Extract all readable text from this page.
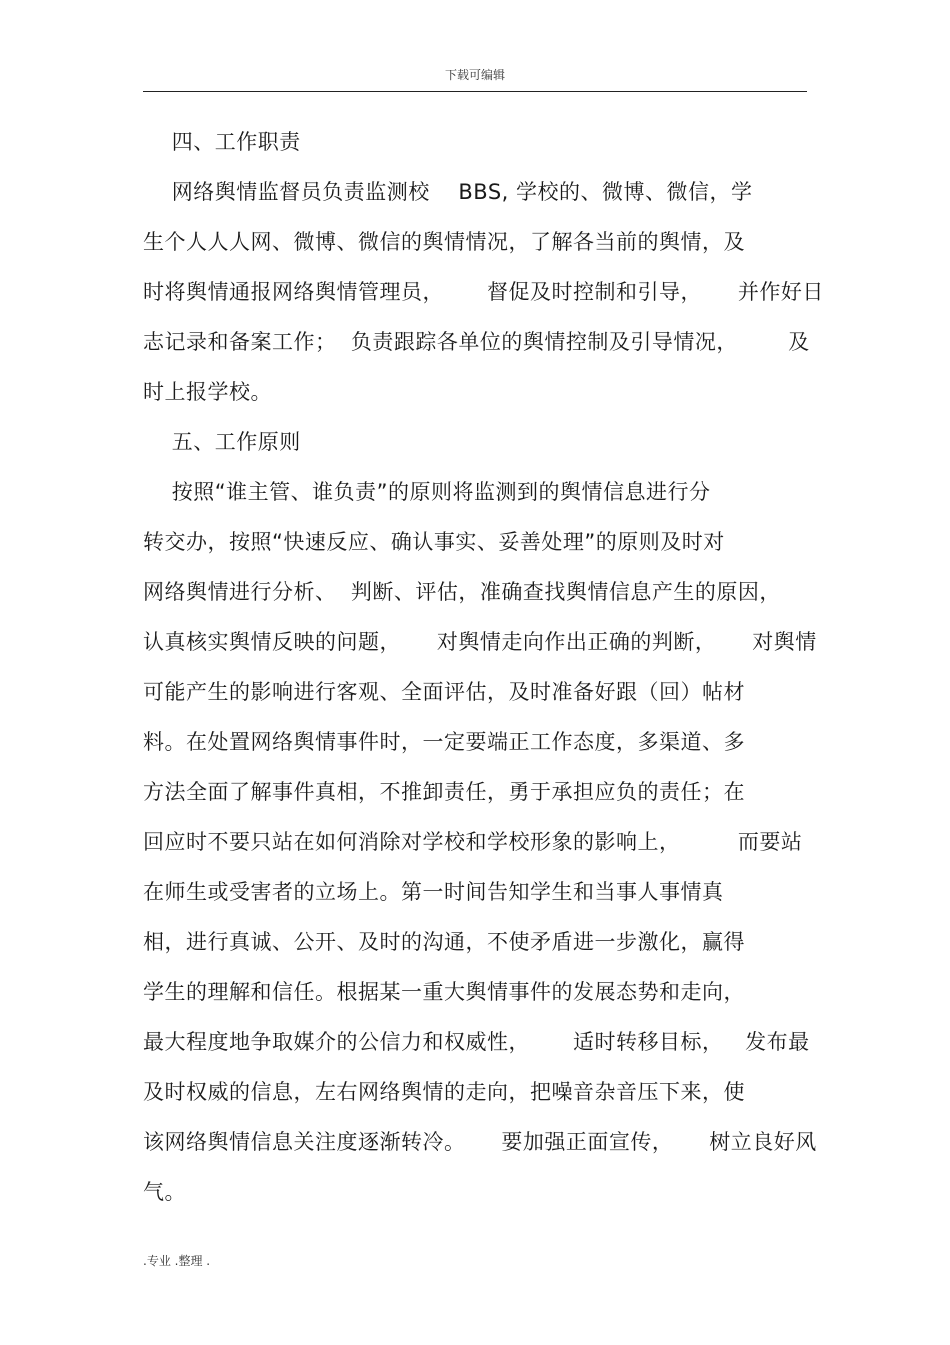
下载可编辑
四、工作职责
网络舆情监督员负责监测校    BBS, 学校的、微博、微信，学
生个人人人网、微博、微信的舆情情况，了解各当前的舆情，及
时将舆情通报网络舆情管理员，      督促及时控制和引导，     并作好日
志记录和备案工作；  负责跟踪各单位的舆情控制及引导情况，       及
时上报学校。
五、工作原则
按照“谁主管、谁负责”的原则将监测到的舆情信息进行分
转交办，按照“快速反应、确认事实、妥善处理”的原则及时对
网络舆情进行分析、  判断、评估，准确查找舆情信息产生的原因，
认真核实舆情反映的问题，     对舆情走向作出正确的判断，     对舆情
可能产生的影响进行客观、全面评估，及时准备好跟（回）帖材
料。在处置网络舆情事件时，一定要端正工作态度，多渠道、多
方法全面了解事件真相，不推卸责任，勇于承担应负的责任；在
回应时不要只站在如何消除对学校和学校形象的影响上，        而要站
在师生或受害者的立场上。第一时间告知学生和当事人事情真
相，进行真诚、公开、及时的沟通，不使矛盾进一步激化，赢得
学生的理解和信任。根据某一重大舆情事件的发展态势和走向，
最大程度地争取媒介的公信力和权威性，      适时转移目标，   发布最
及时权威的信息，左右网络舆情的走向，把噪音杂音压下来，使
该网络舆情信息关注度逐渐转冷。     要加强正面宣传，     树立良好风
气。
.专业 .整理 .
